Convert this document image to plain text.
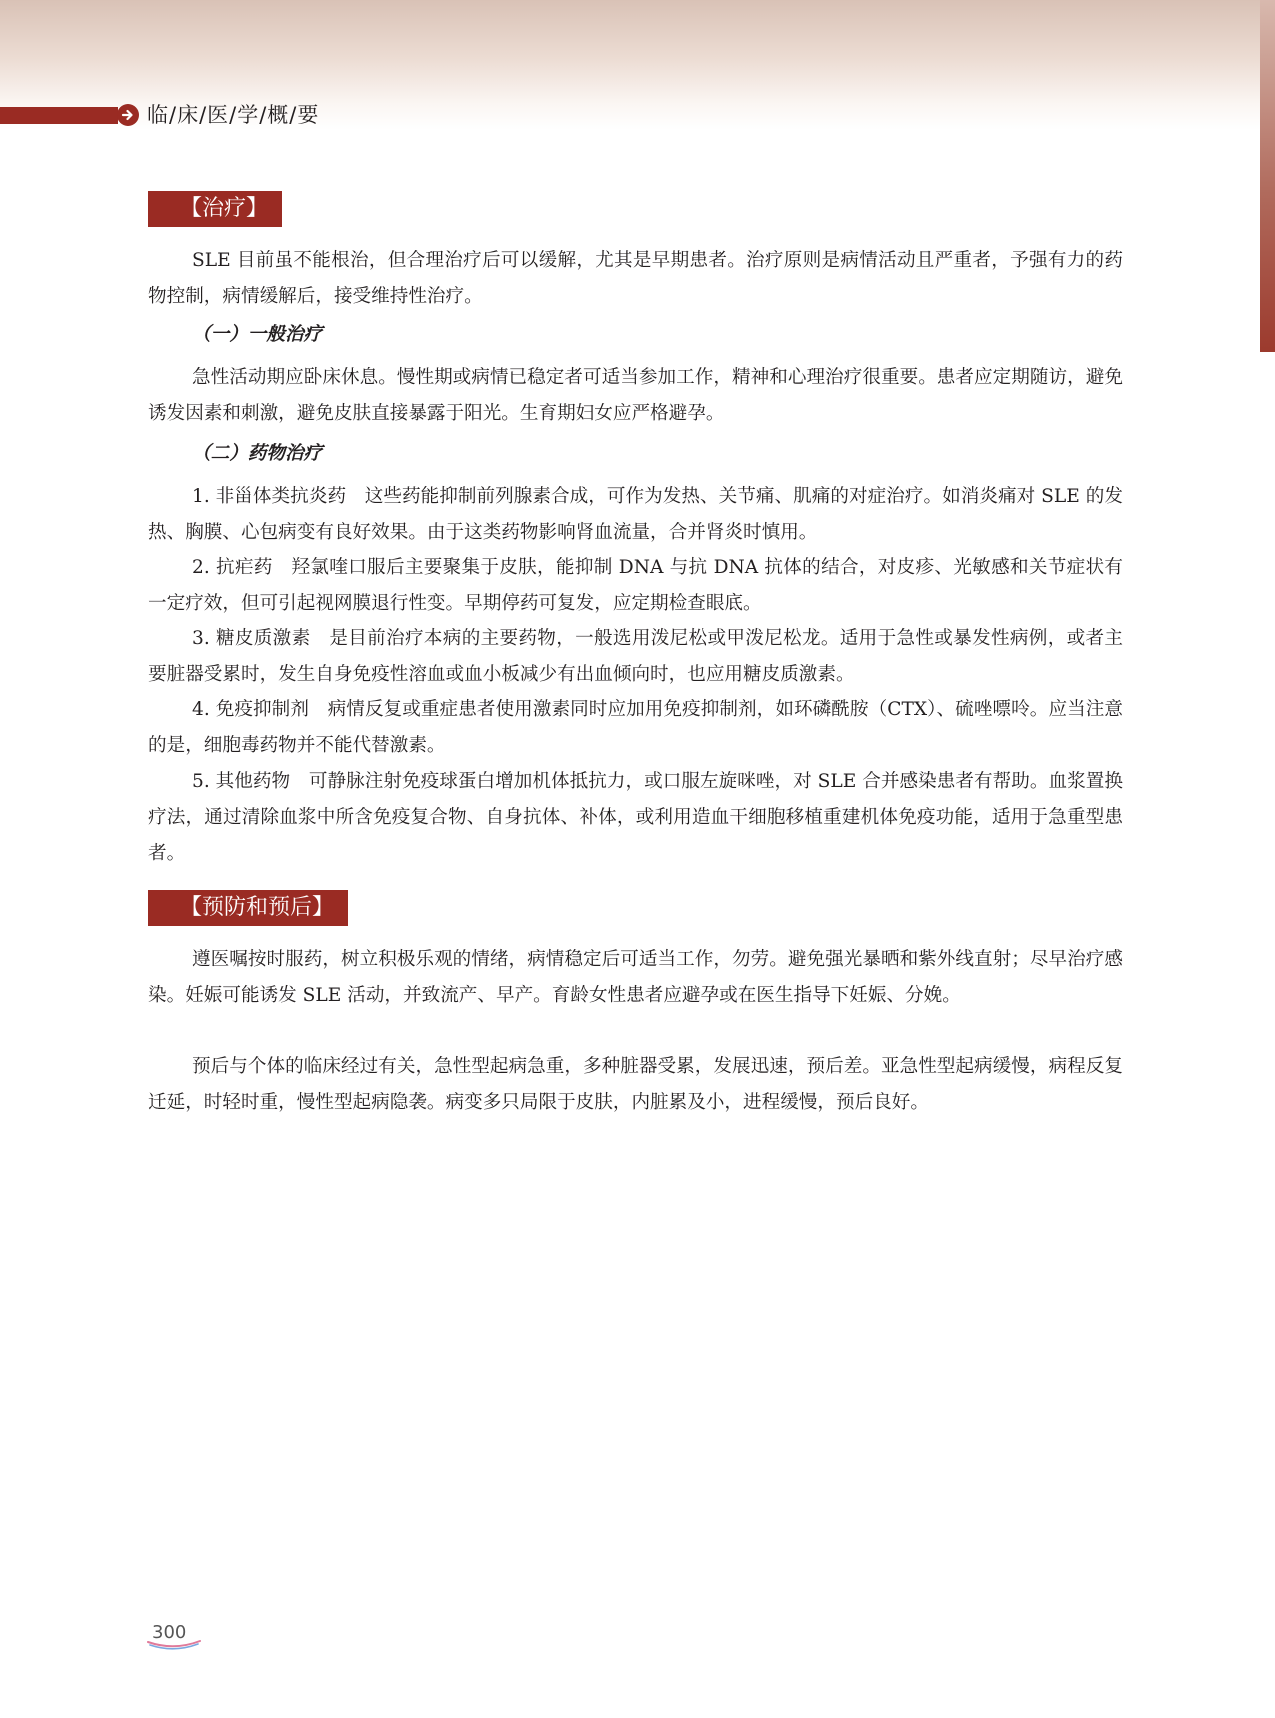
临/床/医/学/概/要
【治疗】

SLE 目前虽不能根治，但合理治疗后可以缓解，尤其是早期患者。治疗原则是病情活动且严重者，予强有力的药物控制，病情缓解后，接受维持性治疗。

（一）一般治疗

急性活动期应卧床休息。慢性期或病情已稳定者可适当参加工作，精神和心理治疗很重要。患者应定期随访，避免诱发因素和刺激，避免皮肤直接暴露于阳光。生育期妇女应严格避孕。

（二）药物治疗

1. 非甾体类抗炎药　这些药能抑制前列腺素合成，可作为发热、关节痛、肌痛的对症治疗。如消炎痛对 SLE 的发热、胸膜、心包病变有良好效果。由于这类药物影响肾血流量，合并肾炎时慎用。

2. 抗疟药　羟氯喹口服后主要聚集于皮肤，能抑制 DNA 与抗 DNA 抗体的结合，对皮疹、光敏感和关节症状有一定疗效，但可引起视网膜退行性变。早期停药可复发，应定期检查眼底。

3. 糖皮质激素　是目前治疗本病的主要药物，一般选用泼尼松或甲泼尼松龙。适用于急性或暴发性病例，或者主要脏器受累时，发生自身免疫性溶血或血小板减少有出血倾向时，也应用糖皮质激素。

4. 免疫抑制剂　病情反复或重症患者使用激素同时应加用免疫抑制剂，如环磷酰胺（CTX）、硫唑嘌呤。应当注意的是，细胞毒药物并不能代替激素。

5. 其他药物　可静脉注射免疫球蛋白增加机体抵抗力，或口服左旋咪唑，对 SLE 合并感染患者有帮助。血浆置换疗法，通过清除血浆中所含免疫复合物、自身抗体、补体，或利用造血干细胞移植重建机体免疫功能，适用于急重型患者。

【预防和预后】

遵医嘱按时服药，树立积极乐观的情绪，病情稳定后可适当工作，勿劳。避免强光暴晒和紫外线直射；尽早治疗感染。妊娠可能诱发 SLE 活动，并致流产、早产。育龄女性患者应避孕或在医生指导下妊娠、分娩。

预后与个体的临床经过有关，急性型起病急重，多种脏器受累，发展迅速，预后差。亚急性型起病缓慢，病程反复迁延，时轻时重，慢性型起病隐袭。病变多只局限于皮肤，内脏累及小，进程缓慢，预后良好。

300
